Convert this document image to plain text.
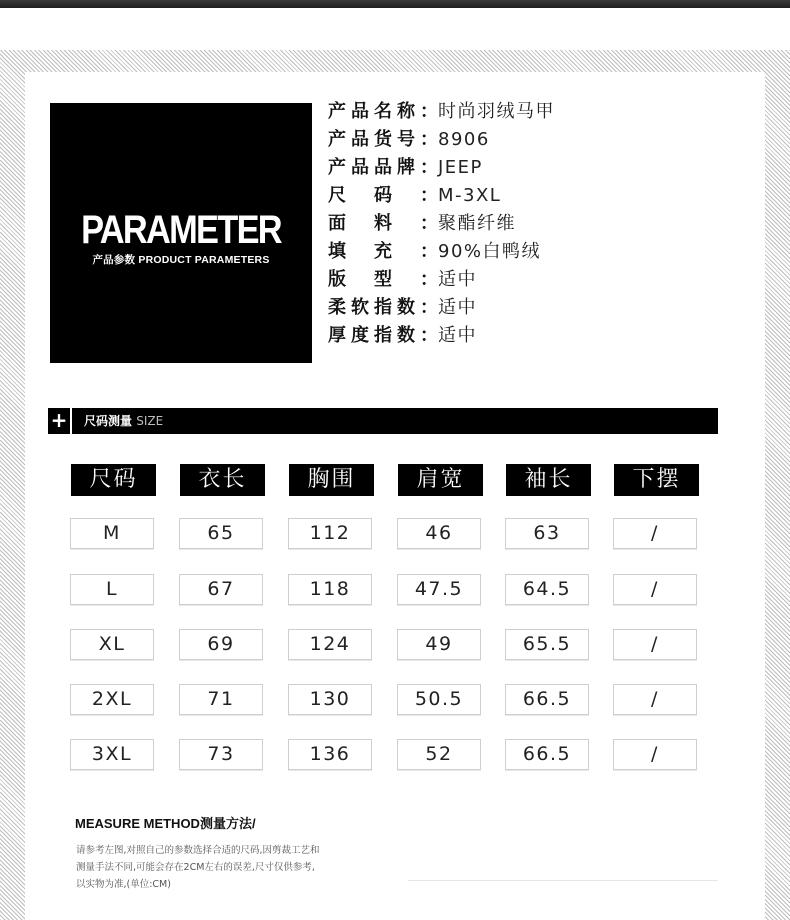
PARAMETER
产品参数 PRODUCT PARAMETERS
产品名称：时尚羽绒马甲
产品货号：8906
产品品牌：JEEP
尺码：M-3XL
面料：聚酯纤维
填充：90%白鸭绒
版型：适中
柔软指数：适中
厚度指数：适中
+	尺码测量 SIZE
尺码	衣长	胸围	肩宽	袖长	下摆
M	65	112	46	63	/
L	67	118	47.5	64.5	/
XL	69	124	49	65.5	/
2XL	71	130	50.5	66.5	/
3XL	73	136	52	66.5	/
MEASURE METHOD测量方法/
请参考左图,对照自己的参数选择合适的尺码,因剪裁工艺和
测量手法不同,可能会存在2CM左右的误差,尺寸仅供参考,
以实物为准,(单位:CM)
